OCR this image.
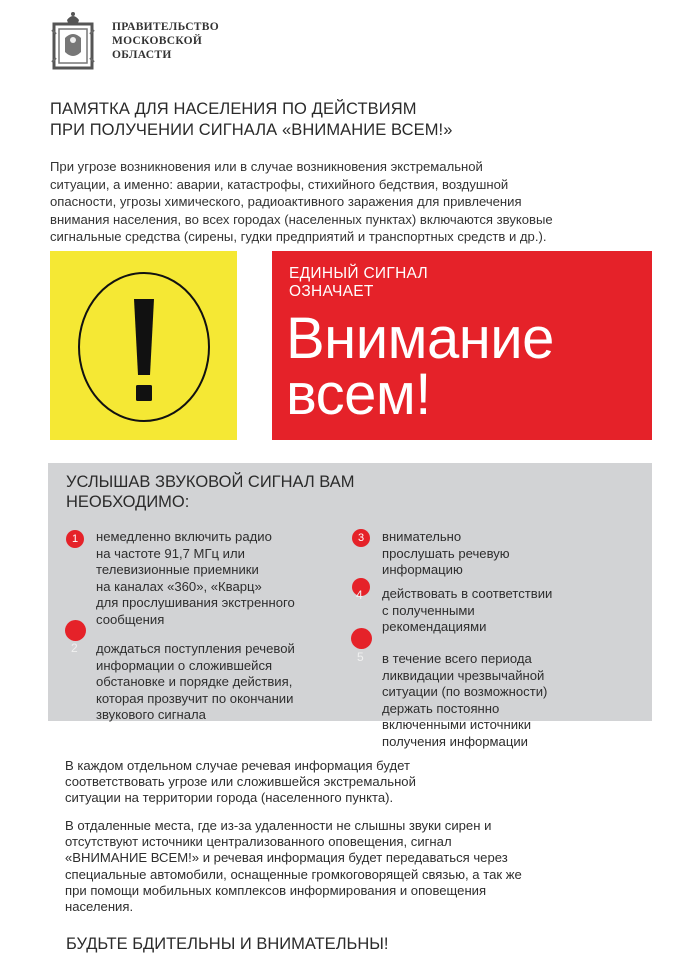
ПРАВИТЕЛЬСТВО
МОСКОВСКОЙ
ОБЛАСТИ
ПАМЯТКА ДЛЯ НАСЕЛЕНИЯ ПО ДЕЙСТВИЯМ
ПРИ ПОЛУЧЕНИИ СИГНАЛА «ВНИМАНИЕ ВСЕМ!»
При угрозе возникновения или в случае возникновения экстремальной
ситуации, а именно: аварии, катастрофы, стихийного бедствия, воздушной
опасности, угрозы химического, радиоактивного заражения для привлечения
внимания населения, во всех городах (населенных пунктах) включаются звуковые
сигнальные средства (сирены, гудки предприятий и транспортных средств и др.).
ЕДИНЫЙ СИГНАЛ
ОЗНАЧАЕТ
Внимание
всем!
УСЛЫШАВ ЗВУКОВОЙ СИГНАЛ ВАМ
НЕОБХОДИМО:
1	немедленно включить радио
на частоте 91,7 МГц или
телевизионные приемники
на каналах «360», «Кварц»
для прослушивания экстренного
сообщения
2 дождаться поступления речевой
информации о сложившейся
обстановке и порядке действия,
которая прозвучит по окончании
звукового сигнала
3	внимательно
прослушать речевую
информацию
4 действовать в соответствии
с полученными
рекомендациями
5 в течение всего периода
ликвидации чрезвычайной
ситуации (по возможности)
держать постоянно
включенными источники
получения информации
В каждом отдельном случае речевая информация будет
соответствовать угрозе или сложившейся экстремальной
ситуации на территории города (населенного пункта).
В отдаленные места, где из-за удаленности не слышны звуки сирен и
отсутствуют источники централизованного оповещения, сигнал
«ВНИМАНИЕ ВСЕМ!» и речевая информация будет передаваться через
специальные автомобили, оснащенные громкоговорящей связью, а так же
при помощи мобильных комплексов информирования и оповещения
населения.
БУДЬТЕ БДИТЕЛЬНЫ И ВНИМАТЕЛЬНЫ!
